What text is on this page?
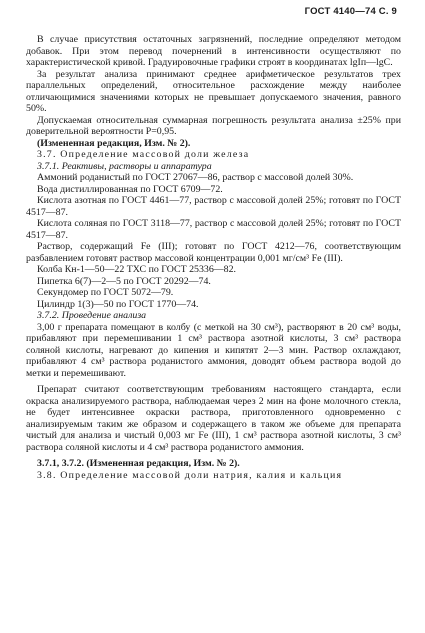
ГОСТ 4140—74 С. 9

В случае присутствия остаточных загрязнений, последние определяют методом добавок. При этом перевод почернений в интенсивности осуществляют по характеристической кривой. Градуировочные графики строят в координатах lgIп—lgC.

За результат анализа принимают среднее арифметическое результатов трех параллельных определений, относительное расхождение между наиболее отличающимися значениями которых не превышает допускаемого значения, равного 50%.

Допускаемая относительная суммарная погрешность результата анализа ±25% при доверительной вероятности P=0,95.

(Измененная редакция, Изм. № 2).

3.7. Определение массовой доли железа

3.7.1. Реактивы, растворы и аппаратура

Аммоний роданистый по ГОСТ 27067—86, раствор с массовой долей 30%.

Вода дистиллированная по ГОСТ 6709—72.

Кислота азотная по ГОСТ 4461—77, раствор с массовой долей 25%; готовят по ГОСТ 4517—87.

Кислота соляная по ГОСТ 3118—77, раствор с массовой долей 25%; готовят по ГОСТ 4517—87.

Раствор, содержащий Fe (III); готовят по ГОСТ 4212—76, соответствующим разбавлением готовят раствор массовой концентрации 0,001 мг/см³ Fe (III).

Колба Кн-1—50—22 ТХС по ГОСТ 25336—82.

Пипетка 6(7)—2—5 по ГОСТ 20292—74.

Секундомер по ГОСТ 5072—79.

Цилиндр 1(3)—50 по ГОСТ 1770—74.

3.7.2. Проведение анализа

3,00 г препарата помещают в колбу (с меткой на 30 см³), растворяют в 20 см³ воды, прибавляют при перемешивании 1 см³ раствора азотной кислоты, 3 см³ раствора соляной кислоты, нагревают до кипения и кипятят 2—3 мин. Раствор охлаждают, прибавляют 4 см³ раствора роданистого аммония, доводят объем раствора водой до метки и перемешивают.

Препарат считают соответствующим требованиям настоящего стандарта, если окраска анализируемого раствора, наблюдаемая через 2 мин на фоне молочного стекла, не будет интенсивнее окраски раствора, приготовленного одновременно с анализируемым таким же образом и содержащего в таком же объеме для препарата чистый для анализа и чистый 0,003 мг Fe (III), 1 см³ раствора азотной кислоты, 3 см³ раствора соляной кислоты и 4 см³ раствора роданистого аммония.

3.7.1, 3.7.2. (Измененная редакция, Изм. № 2).

3.8. Определение массовой доли натрия, калия и кальция
